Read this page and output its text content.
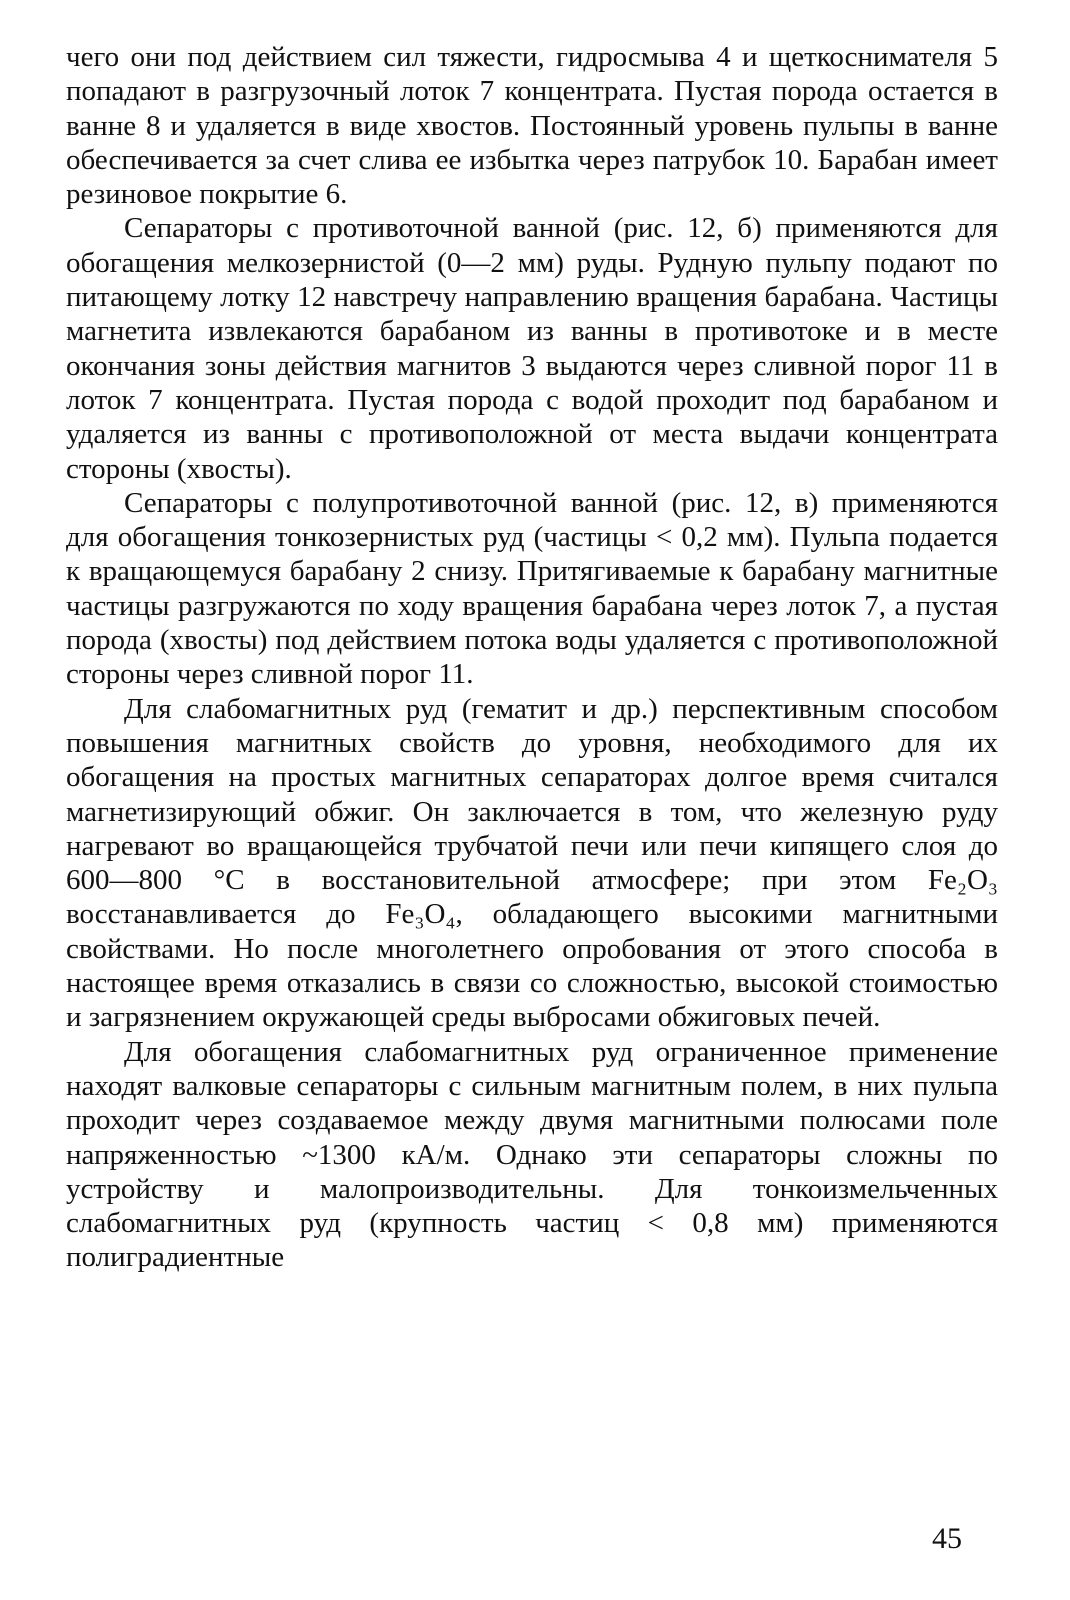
чего они под действием сил тяжести, гидросмыва 4 и щеткоснимателя 5 попадают в разгрузочный лоток 7 концентрата. Пустая порода остается в ванне 8 и удаляется в виде хвостов. Постоянный уровень пульпы в ванне обеспечивается за счет слива ее избытка через патрубок 10. Барабан имеет резиновое покрытие 6.

Сепараторы с противоточной ванной (рис. 12, б) применяются для обогащения мелкозернистой (0—2 мм) руды. Рудную пульпу подают по питающему лотку 12 навстречу направлению вращения барабана. Частицы магнетита извлекаются барабаном из ванны в противотоке и в месте окончания зоны действия магнитов 3 выдаются через сливной порог 11 в лоток 7 концентрата. Пустая порода с водой проходит под барабаном и удаляется из ванны с противоположной от места выдачи концентрата стороны (хвосты).

Сепараторы с полупротивоточной ванной (рис. 12, в) применяются для обогащения тонкозернистых руд (частицы < 0,2 мм). Пульпа подается к вращающемуся барабану 2 снизу. Притягиваемые к барабану магнитные частицы разгружаются по ходу вращения барабана через лоток 7, а пустая порода (хвосты) под действием потока воды удаляется с противоположной стороны через сливной порог 11.

Для слабомагнитных руд (гематит и др.) перспективным способом повышения магнитных свойств до уровня, необходимого для их обогащения на простых магнитных сепараторах долгое время считался магнетизирующий обжиг. Он заключается в том, что железную руду нагревают во вращающейся трубчатой печи или печи кипящего слоя до 600—800 °С в восстановительной атмосфере; при этом Fe₂O₃ восстанавливается до Fe₃O₄, обладающего высокими магнитными свойствами. Но после многолетнего опробования от этого способа в настоящее время отказались в связи со сложностью, высокой стоимостью и загрязнением окружающей среды выбросами обжиговых печей.

Для обогащения слабомагнитных руд ограниченное применение находят валковые сепараторы с сильным магнитным полем, в них пульпа проходит через создаваемое между двумя магнитными полюсами поле напряженностью ~1300 кА/м. Однако эти сепараторы сложны по устройству и малопроизводительны. Для тонкоизмельченных слабомагнитных руд (крупность частиц < 0,8 мм) применяются полиградиентные

45
